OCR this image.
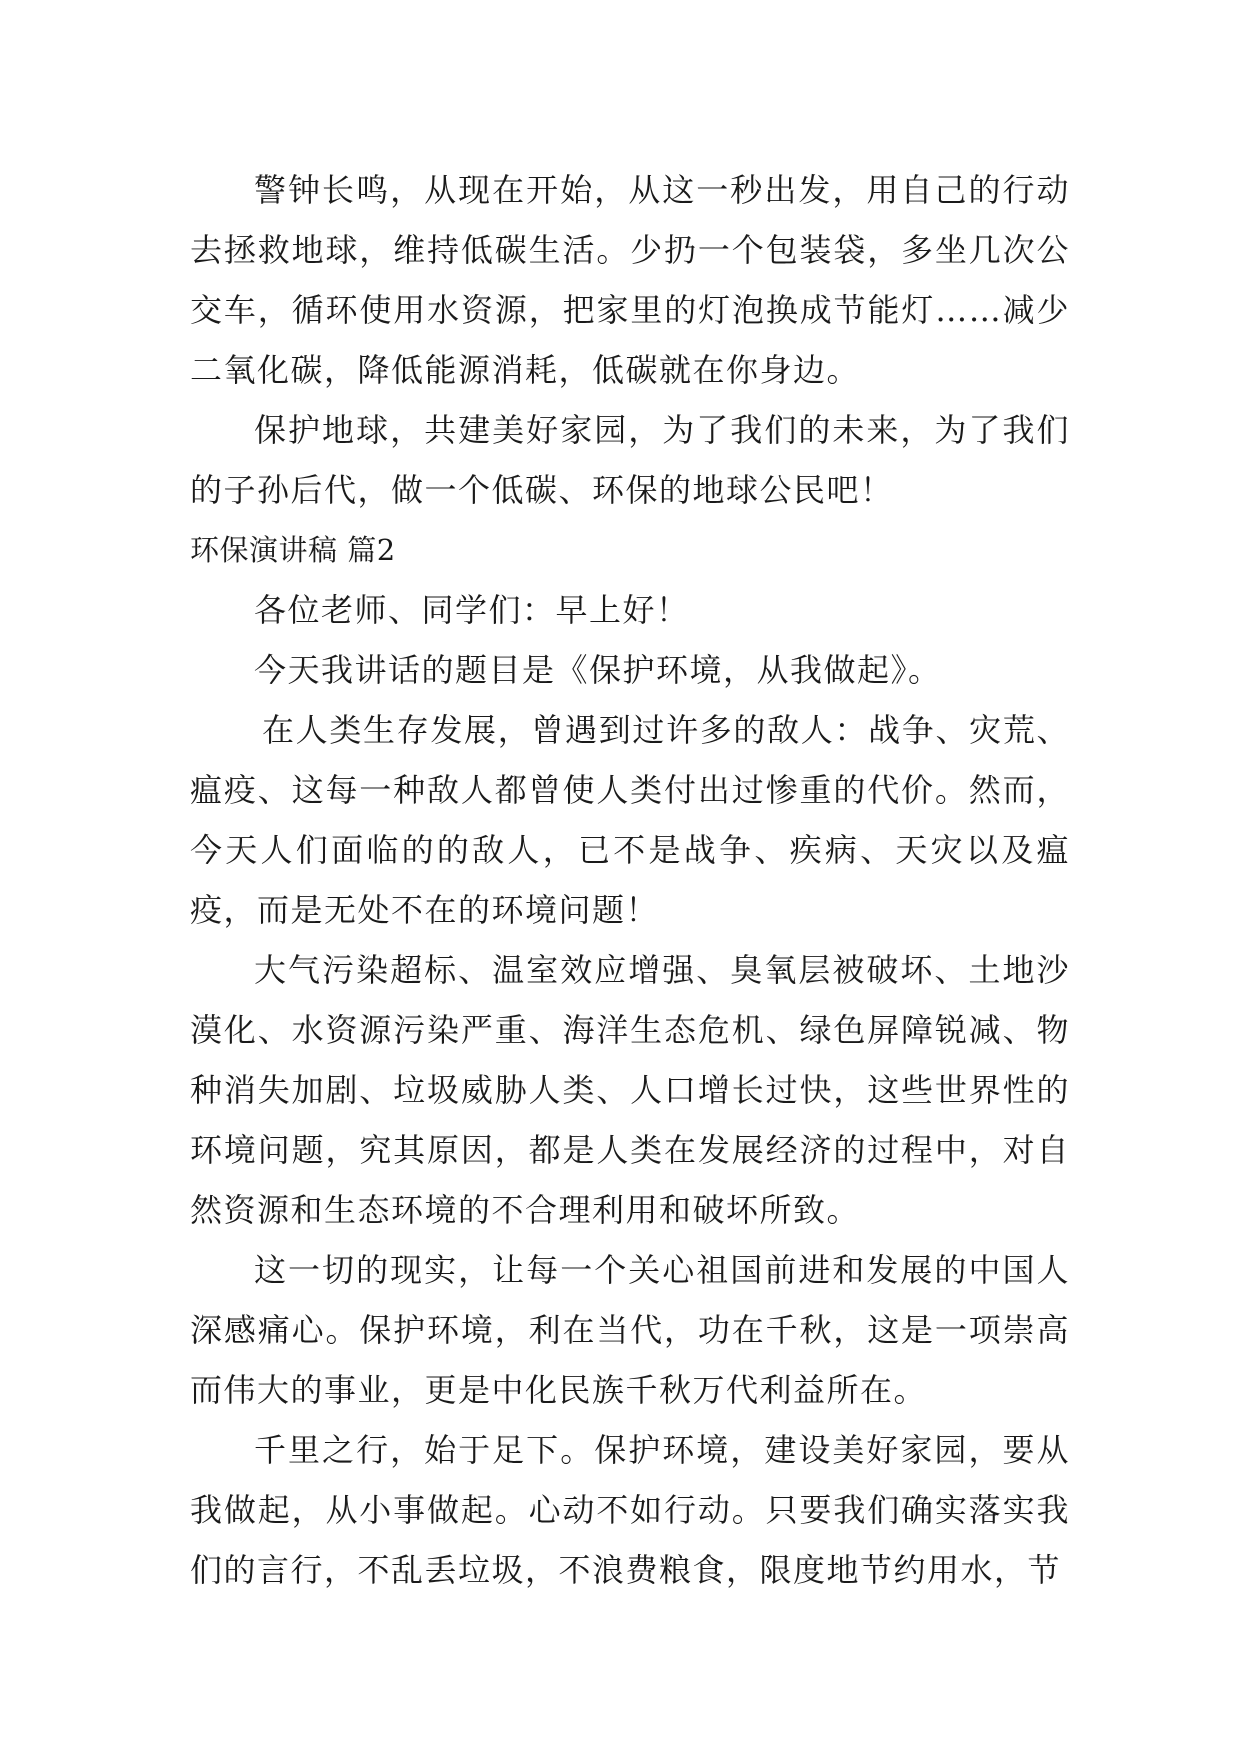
警钟长鸣，从现在开始，从这一秒出发，用自己的行动去拯救地球，维持低碳生活。少扔一个包装袋，多坐几次公交车，循环使用水资源，把家里的灯泡换成节能灯……减少二氧化碳，降低能源消耗，低碳就在你身边。

保护地球，共建美好家园，为了我们的未来，为了我们的子孙后代，做一个低碳、环保的地球公民吧！

环保演讲稿 篇2

各位老师、同学们：早上好！

今天我讲话的题目是《保护环境，从我做起》。

在人类生存发展，曾遇到过许多的敌人：战争、灾荒、瘟疫、这每一种敌人都曾使人类付出过惨重的代价。然而，今天人们面临的的敌人，已不是战争、疾病、天灾以及瘟疫，而是无处不在的环境问题！

大气污染超标、温室效应增强、臭氧层被破坏、土地沙漠化、水资源污染严重、海洋生态危机、绿色屏障锐减、物种消失加剧、垃圾威胁人类、人口增长过快，这些世界性的环境问题，究其原因，都是人类在发展经济的过程中，对自然资源和生态环境的不合理利用和破坏所致。

这一切的现实，让每一个关心祖国前进和发展的中国人深感痛心。保护环境，利在当代，功在千秋，这是一项崇高而伟大的事业，更是中化民族千秋万代利益所在。

千里之行，始于足下。保护环境，建设美好家园，要从我做起，从小事做起。心动不如行动。只要我们确实落实我们的言行，不乱丢垃圾，不浪费粮食，限度地节约用水，节
